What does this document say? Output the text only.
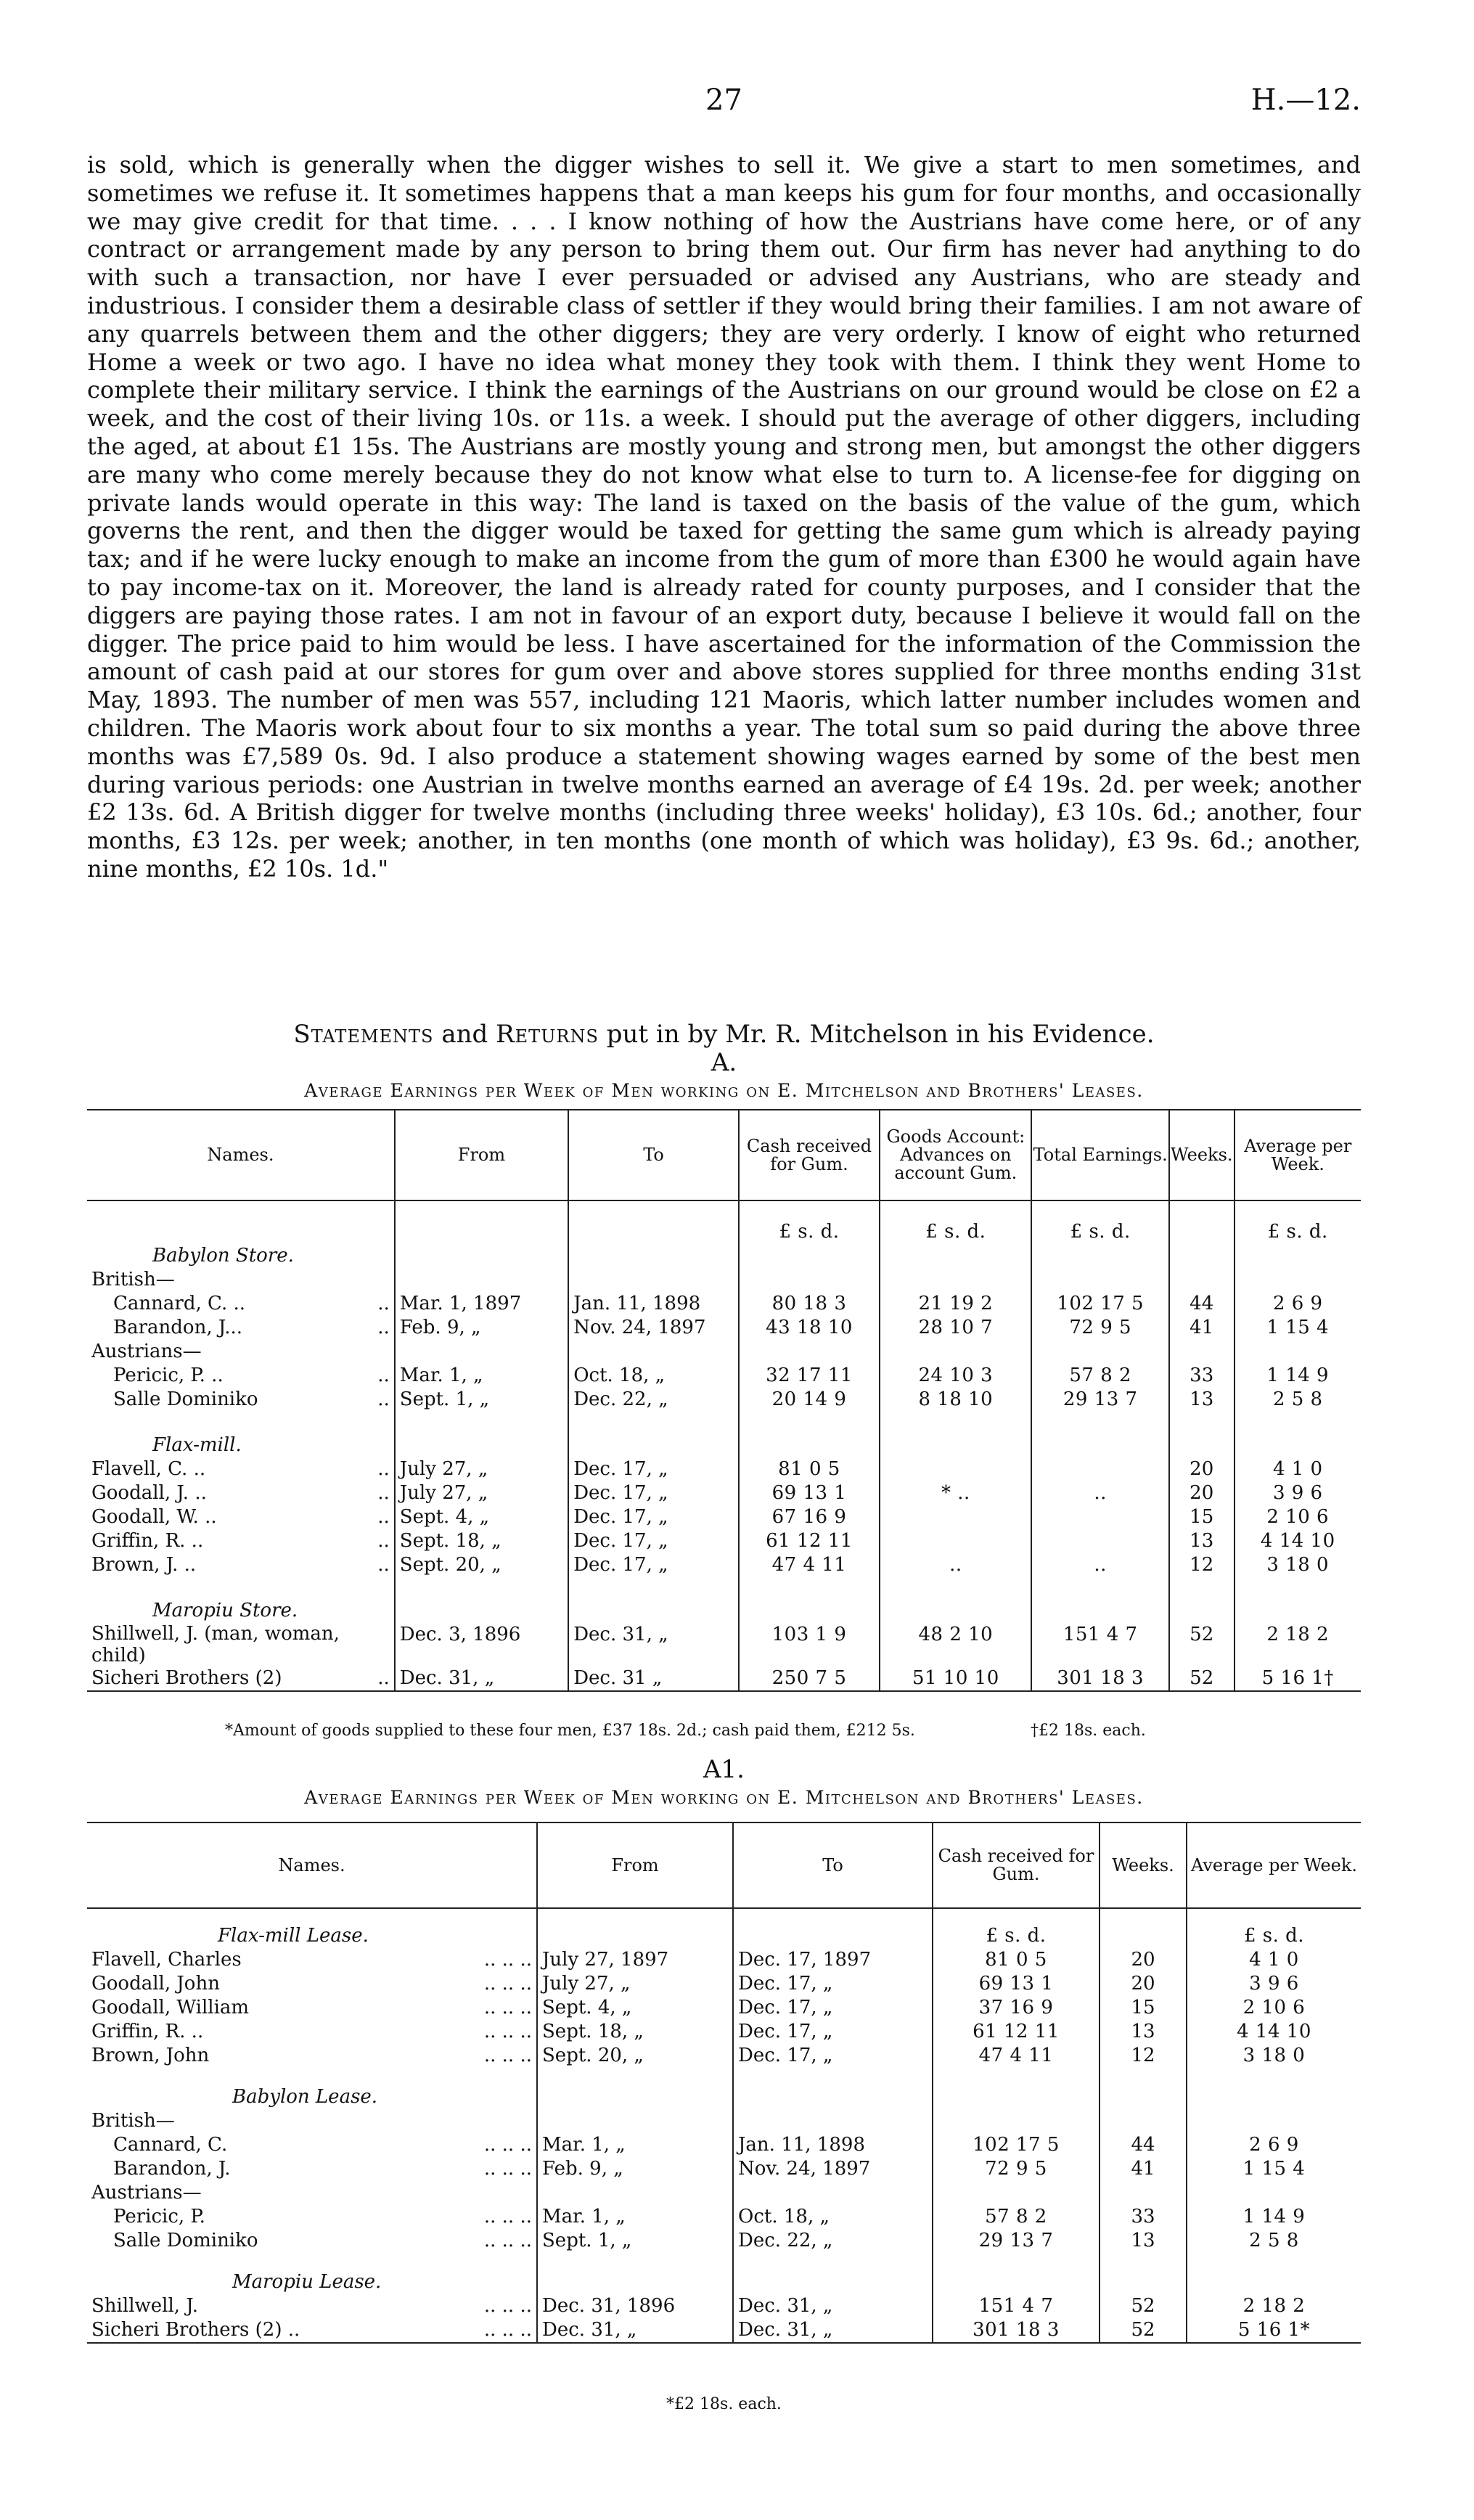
27	H.—12.

is sold, which is generally when the digger wishes to sell it. We give a start to men sometimes, and sometimes we refuse it. It sometimes happens that a man keeps his gum for four months, and occasionally we may give credit for that time. . . . I know nothing of how the Austrians have come here, or of any contract or arrangement made by any person to bring them out. Our firm has never had anything to do with such a transaction, nor have I ever persuaded or advised any Austrians, who are steady and industrious. I consider them a desirable class of settler if they would bring their families. I am not aware of any quarrels between them and the other diggers; they are very orderly. I know of eight who returned Home a week or two ago. I have no idea what money they took with them. I think they went Home to complete their military service. I think the earnings of the Austrians on our ground would be close on £2 a week, and the cost of their living 10s. or 11s. a week. I should put the average of other diggers, including the aged, at about £1 15s. The Austrians are mostly young and strong men, but amongst the other diggers are many who come merely because they do not know what else to turn to. A license-fee for digging on private lands would operate in this way: The land is taxed on the basis of the value of the gum, which governs the rent, and then the digger would be taxed for getting the same gum which is already paying tax; and if he were lucky enough to make an income from the gum of more than £300 he would again have to pay income-tax on it. Moreover, the land is already rated for county purposes, and I consider that the diggers are paying those rates. I am not in favour of an export duty, because I believe it would fall on the digger. The price paid to him would be less. I have ascertained for the information of the Commission the amount of cash paid at our stores for gum over and above stores supplied for three months ending 31st May, 1893. The number of men was 557, including 121 Maoris, which latter number includes women and children. The Maoris work about four to six months a year. The total sum so paid during the above three months was £7,589 0s. 9d. I also produce a statement showing wages earned by some of the best men during various periods: one Austrian in twelve months earned an average of £4 19s. 2d. per week; another £2 13s. 6d. A British digger for twelve months (including three weeks' holiday), £3 10s. 6d.; another, four months, £3 12s. per week; another, in ten months (one month of which was holiday), £3 9s. 6d.; another, nine months, £2 10s. 1d."

Statements and Returns put in by Mr. R. Mitchelson in his Evidence.
A.
Average Earnings per Week of Men working on E. Mitchelson and Brothers' Leases.
Names.	From	To	Cash received for Gum.	Goods Account: Advances on account Gum.	Total Earnings.	Weeks.	Average per Week.
			£ s. d.	£ s. d.	£ s. d.		£ s. d.
Babylon Store.							
British—							
Cannard, C. .. ..	Mar. 1, 1897	Jan. 11, 1898	80 18 3	21 19 2	102 17 5	44	2 6 9
Barandon, J... ..	Feb. 9, „	Nov. 24, 1897	43 18 10	28 10 7	72 9 5	41	1 15 4
Austrians—							
Pericic, P. .. ..	Mar. 1, „	Oct. 18, „	32 17 11	24 10 3	57 8 2	33	1 14 9
Salle Dominiko ..	Sept. 1, „	Dec. 22, „	20 14 9	8 18 10	29 13 7	13	2 5 8

Flax-mill.							
Flavell, C. .. ..	July 27, „	Dec. 17, „	81 0 5			20	4 1 0
Goodall, J. .. ..	July 27, „	Dec. 17, „	69 13 1	* ..	..	20	3 9 6
Goodall, W. .. ..	Sept. 4, „	Dec. 17, „	67 16 9			15	2 10 6
Griffin, R. .. ..	Sept. 18, „	Dec. 17, „	61 12 11			13	4 14 10
Brown, J. .. ..	Sept. 20, „	Dec. 17, „	47 4 11	..	..	12	3 18 0

Maropiu Store.							
Shillwell, J. (man, woman, child)	Dec. 3, 1896	Dec. 31, „	103 1 9	48 2 10	151 4 7	52	2 18 2
Sicheri Brothers (2) ..	Dec. 31, „	Dec. 31 „	250 7 5	51 10 10	301 18 3	52	5 16 1†
*Amount of goods supplied to these four men, £37 18s. 2d.; cash paid them, £212 5s.	†£2 18s. each.
A1.
Average Earnings per Week of Men working on E. Mitchelson and Brothers' Leases.
Names.	From	To	Cash received for Gum.	Weeks.	Average per Week.

Flax-mill Lease.			£ s. d.		£ s. d.
Flavell, Charles .. .. ..	July 27, 1897	Dec. 17, 1897	81 0 5	20	4 1 0
Goodall, John .. .. ..	July 27, „	Dec. 17, „	69 13 1	20	3 9 6
Goodall, William .. .. ..	Sept. 4, „	Dec. 17, „	37 16 9	15	2 10 6
Griffin, R. .. .. .. ..	Sept. 18, „	Dec. 17, „	61 12 11	13	4 14 10
Brown, John .. .. ..	Sept. 20, „	Dec. 17, „	47 4 11	12	3 18 0

Babylon Lease.					
British—					
Cannard, C. .. .. ..	Mar. 1, „	Jan. 11, 1898	102 17 5	44	2 6 9
Barandon, J. .. .. ..	Feb. 9, „	Nov. 24, 1897	72 9 5	41	1 15 4
Austrians—					
Pericic, P. .. .. ..	Mar. 1, „	Oct. 18, „	57 8 2	33	1 14 9
Salle Dominiko .. .. ..	Sept. 1, „	Dec. 22, „	29 13 7	13	2 5 8

Maropiu Lease.					
Shillwell, J. .. .. ..	Dec. 31, 1896	Dec. 31, „	151 4 7	52	2 18 2
Sicheri Brothers (2) .. .. .. ..	Dec. 31, „	Dec. 31, „	301 18 3	52	5 16 1*
*£2 18s. each.
